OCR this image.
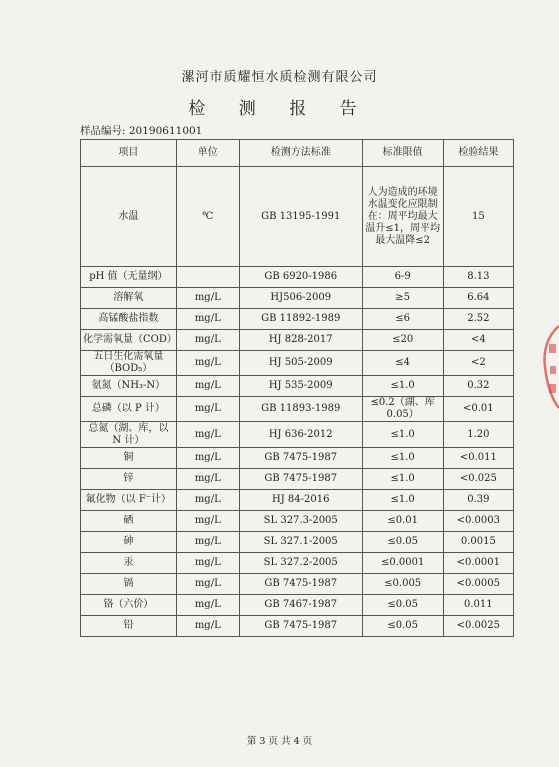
漯河市质耀恒水质检测有限公司
检 测 报 告
样品编号: 20190611001
项目	单位	检测方法标准	标准限值	检验结果
水温	℃	GB 13195-1991	人为造成的环境水温变化应限制在：周平均最大温升≤1，周平均最大温降≤2	15
pH 值（无量纲）		GB 6920-1986	6-9	8.13
溶解氧	mg/L	HJ506-2009	≥5	6.64
高锰酸盐指数	mg/L	GB 11892-1989	≤6	2.52
化学需氧量（COD）	mg/L	HJ 828-2017	≤20	<4
五日生化需氧量（BOD₅）	mg/L	HJ 505-2009	≤4	<2
氨氮（NH₃-N）	mg/L	HJ 535-2009	≤1.0	0.32
总磷（以 P 计）	mg/L	GB 11893-1989	≤0.2（湖、库0.05）	<0.01
总氮（湖、库，以 N 计）	mg/L	HJ 636-2012	≤1.0	1.20
铜	mg/L	GB 7475-1987	≤1.0	<0.011
锌	mg/L	GB 7475-1987	≤1.0	<0.025
氟化物（以 F⁻计）	mg/L	HJ 84-2016	≤1.0	0.39
硒	mg/L	SL 327.3-2005	≤0.01	<0.0003
砷	mg/L	SL 327.1-2005	≤0.05	0.0015
汞	mg/L	SL 327.2-2005	≤0.0001	<0.0001
镉	mg/L	GB 7475-1987	≤0.005	<0.0005
铬（六价）	mg/L	GB 7467-1987	≤0.05	0.011
铅	mg/L	GB 7475-1987	≤0.05	<0.0025
第 3 页 共 4 页
